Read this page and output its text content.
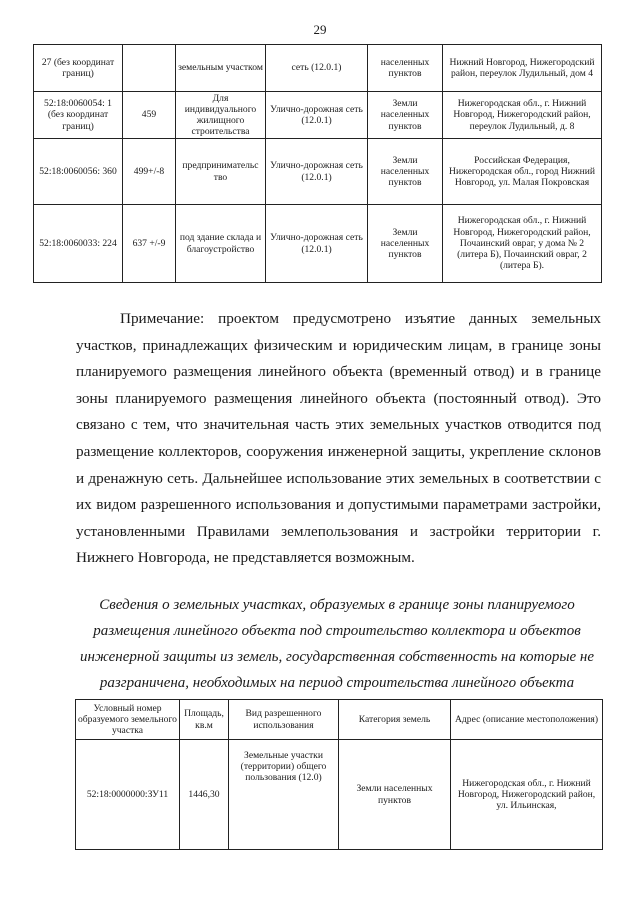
29
27 (без координат границ)		земельным участком	сеть (12.0.1)	населенных пунктов	Нижний Новгород, Нижегородский район, переулок Лудильный, дом 4
52:18:0060054: 1 (без координат границ)	459	Для индивидуального жилищного строительства	Улично-дорожная сеть (12.0.1)	Земли населенных пунктов	Нижегородская обл., г. Нижний Новгород, Нижегородский район, переулок Лудильный, д. 8
52:18:0060056: 360	499+/-8	предпринимательс тво	Улично-дорожная сеть (12.0.1)	Земли населенных пунктов	Российская Федерация, Нижегородская обл., город Нижний Новгород, ул. Малая Покровская
52:18:0060033: 224	637 +/-9	под здание склада и благоустройство	Улично-дорожная сеть (12.0.1)	Земли населенных пунктов	Нижегородская обл., г. Нижний Новгород, Нижегородский район, Почаинский овраг, у дома № 2 (литера Б), Почаинский овраг, 2 (литера Б).

Примечание: проектом предусмотрено изъятие данных земельных участков, принадлежащих физическим и юридическим лицам, в границе зоны планируемого размещения линейного объекта (временный отвод) и в границе зоны планируемого размещения линейного объекта (постоянный отвод). Это связано с тем, что значительная часть этих земельных участков отводится под размещение коллекторов, сооружения инженерной защиты, укрепление склонов и дренажную сеть. Дальнейшее использование этих земельных в соответствии с их видом разрешенного использования и допустимыми параметрами застройки, установленными Правилами землепользования и застройки территории г. Нижнего Новгорода, не представляется возможным.

Сведения о земельных участках, образуемых в границе зоны планируемого
размещения линейного объекта под строительство коллектора и объектов
инженерной защиты из земель, государственная собственность на которые не
разграничена, необходимых на период строительства линейного объекта
Условный номер образуемого земельного участка	Площадь, кв.м	Вид разрешенного использования	Категория земель	Адрес (описание местоположения)
52:18:0000000:ЗУ11	1446,30	Земельные участки (территории) общего пользования (12.0)	Земли населенных пунктов	Нижегородская обл., г. Нижний Новгород, Нижегородский район, ул. Ильинская,
